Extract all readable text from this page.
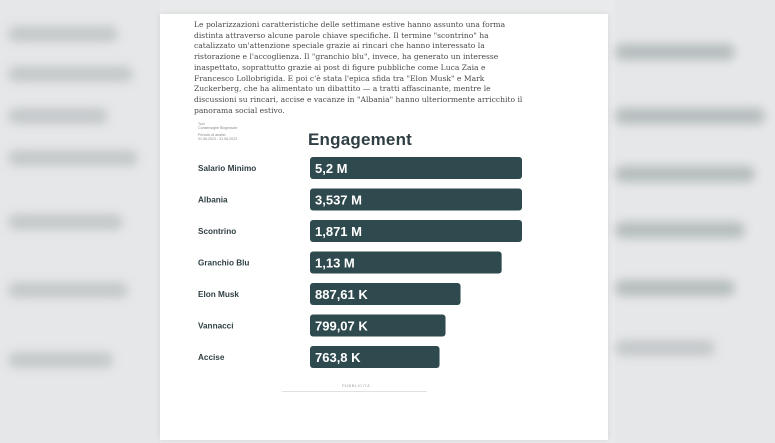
Le polarizzazioni caratteristiche delle settimane estive hanno assunto una forma distinta attraverso alcune parole chiave specifiche. Il termine "scontrino" ha catalizzato un'attenzione speciale grazie ai rincari che hanno interessato la ristorazione e l'accoglienza. Il "granchio blu", invece, ha generato un interesse inaspettato, soprattutto grazie ai post di figure pubbliche come Luca Zaia e Francesco Lollobrigida. E poi c'è stata l'epica sfida tra "Elon Musk" e Mark Zuckerberg, che ha alimentato un dibattito — a tratti affascinante, mentre le discussioni su rincari, accise e vacanze in "Albania" hanno ulteriormente arricchito il panorama social estivo.

Tool
Consensighe Blogreader
Periodo di analisi
01.06.2023 - 31.08.2023	Engagement
Salario Minimo	5,2 M
Albania	3,537 M
Scontrino	1,871 M
Granchio Blu	1,13 M
Elon Musk	887,61 K
Vannacci	799,07 K
Accise	763,8 K
PUBBLICITÀ
